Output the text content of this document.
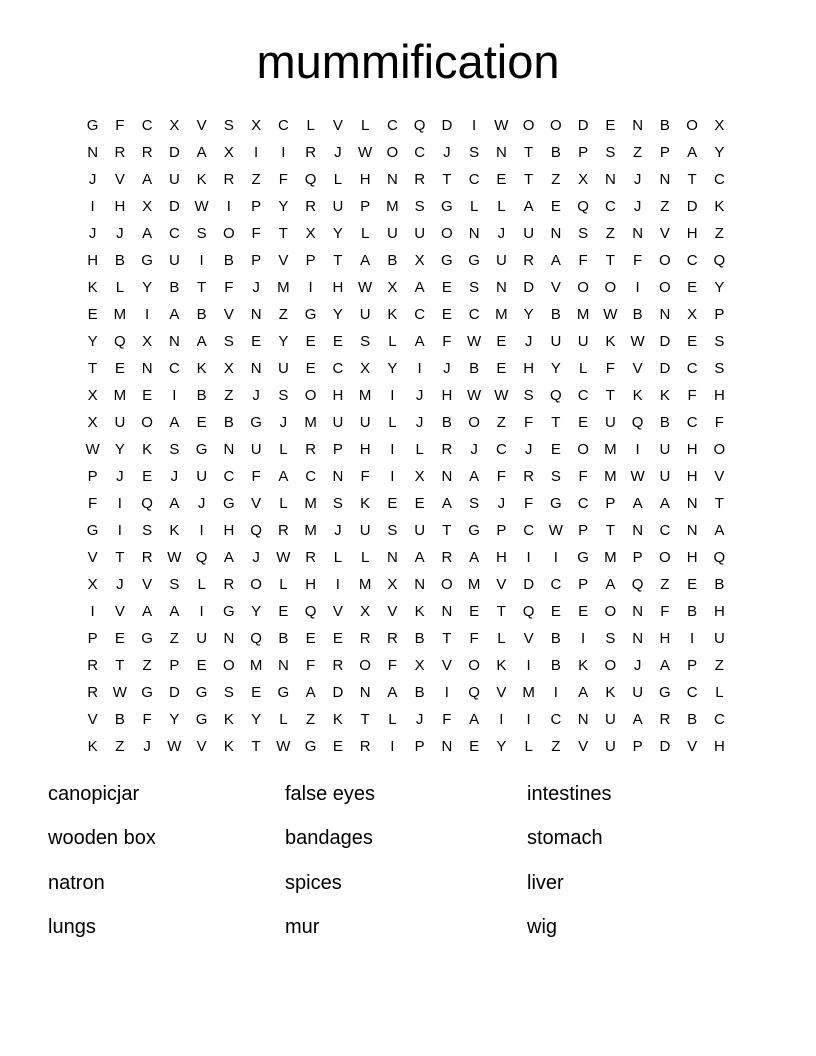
mummification
G	F	C	X	V	S	X	C	L	V	L	C	Q	D	I	W O	O	D	E	N	B	O	X
N	R	R	D	A	X	I	I	R	J	W O	C	J	S	N	T	B	P	S	Z	P	A	Y
J	V	A	U	K	R	Z	F	Q	L	H	N	R	T	C	E	T	Z	X	N	J	N	T	C
I	H	X	D W	I	P	Y	R	U	P	M	S	G	L	L	A	E	Q	C	J	Z	D	K
J	J	A	C	S	O	F	T	X	Y	L	U	U	O	N	J	U	N	S	Z	N	V	H	Z
H	B	G	U	I	B	P	V	P	T	A	B	X	G	G	U	R	A	F	T	F	O	C	Q
K	L	Y	B	T	F	J	M	I	H W	X	A	E	S	N	D	V	O	O	I	O	E	Y
E	M	I	A	B	V	N	Z	G	Y	U	K	C	E	C	M	Y	B	M W	B	N	X	P
Y	Q	X	N	A	S	E	Y	E	E	S	L	A	F	W	E	J	U	U	K	W D	E	S
T	E	N	C	K	X	N	U	E	C	X	Y	I	J	B	E	H	Y	L	F	V	D	C	S
X	M	E	I	B	Z	J	S	O	H	M	I	J	H W W	S	Q	C	T	K	K	F	H
X	U	O	A	E	B	G	J	M	U	U	L	J	B	O	Z	F	T	E	U	Q	B	C	F
W	Y	K	S	G	N	U	L	R	P	H	I	L	R	J	C	J	E	O	M	I	U	H	O
P	J	E	J	U	C	F	A	C	N	F	I	X	N	A	F	R	S	F	M W U	H	V
F	I	Q	A	J	G	V	L	M	S	K	E	E	A	S	J	F	G	C	P	A	A	N	T
G	I	S	K	I	H	Q	R	M	J	U	S	U	T	G	P	C W	P	T	N	C	N	A
V	T	R W Q	A	J	W R	L	L	N	A	R	A	H	I	I	G	M	P	O	H	Q
X	J	V	S	L	R	O	L	H	I	M	X	N	O	M	V	D	C	P	A	Q	Z	E	B
I	V	A	A	I	G	Y	E	Q	V	X	V	K	N	E	T	Q	E	E	O	N	F	B	H
P	E	G	Z	U	N	Q	B	E	E	R	R	B	T	F	L	V	B	I	S	N	H	I	U
R	T	Z	P	E	O	M	N	F	R	O	F	X	V	O	K	I	B	K	O	J	A	P	Z
R W G	D	G	S	E	G	A	D	N	A	B	I	Q	V	M	I	A	K	U	G	C	L
V	B	F	Y	G	K	Y	L	Z	K	T	L	J	F	A	I	I	C	N	U	A	R	B	C
K	Z	J	W	V	K	T	W G	E	R	I	P	N	E	Y	L	Z	V	U	P	D	V	H
canopicjar
wooden box
natron
lungs
false eyes
bandages
spices
mur
intestines
stomach
liver
wig
